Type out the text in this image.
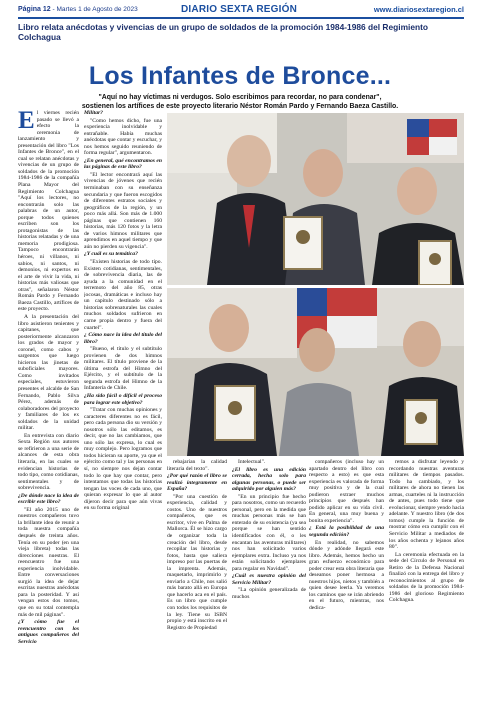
Página 12 - Martes 1 de Agosto de 2023	DIARIO SEXTA REGIÓN	www.diariosextaregion.cl
Libro relata anécdotas y vivencias de un grupo de soldados de la promoción 1984-1986 del Regimiento Colchagua
Los Infantes de Bronce...
"Aquí no hay víctimas ni verdugos. Solo escribimos para recordar, no para condenar",
sostienen los artífices de este proyecto literario Néstor Román Pardo y Fernando Baeza Castillo.
E l viernes recién pasado se llevó a efecto la ceremonia de lanzamiento y presentación del libro "Los Infantes de Bronce", en el cual se relatan anécdotas y vivencias de un grupo de soldados de la promoción 1984-1986 de la compañía Plana Mayor del Regimiento Colchagua "Aquí los lectores, no encontrarán solo las palabras de un autor, porque todos quienes escriben son los protagonistas de las historias relatadas y de una memoria prodigiosa. Tampoco encontrarán héroes, ni villanos, ni sabios, ni santos, ni demonios, ni expertos en el arte de vivir la vida, ni historias más valiosas que otras", señalaron Néstor Román Pardo y Fernando Baeza Castillo, artífices de este proyecto.

A la presentación del libro asistieron tenientes y capitanes, que posteriormente alcanzaron los grados de mayor y coronel, como cabos y sargentos que luego hicieron las jinetas de suboficiales mayores. Como invitados especiales, estuvieron presentes el alcalde de San Fernando, Pablo Silva Pérez, además de colaboradores del proyecto y familiares de los ex soldados de la unidad militar.

En entrevista con diario Sexta Región sus autores se refirieron a una serie de alcances de esta obra literaria, en las cuales se evidencian historias de todo tipo, como cotidianas, sentimentales y de sobrevivencia.

¿De dónde nace la idea de escribir este libro?

"El año 2015 uno de nuestros compañeros tuvo la brillante idea de reunir a toda nuestra compañía después de treinta años. Tenía en su poder (en una vieja libreta) todas las direcciones nuestras. El reencuentro fue una experiencia inolvidable. Entre conversaciones surgió la idea de dejar escritas nuestras anécdotas para la posteridad. Y así vengan estos dos tomos, que en su total contempla más de mil páginas".

¿Y cómo fue el reencuentro con los antiguos compañeros del Servicio

Militar?

"Como hemos dicho, fue una experiencia inolvidable y entrañable. Había muchas anécdotas que contar y escuchar, y nos hemos seguido reuniendo de forma regular", argumentaron.

¿En general, qué encontramos en las páginas de este libro?

"El lector encontrará aquí las vivencias de jóvenes que recién terminaban con su enseñanza secundaria y que fueron escogidos de diferentes estratos sociales y geográficos de la región, y un poco más allá. Son más de 1.000 páginas que contienen 160 historias, más 120 fotos y la letra de varios himnos militares que aprendimos en aquel tiempo y que aún no pierden su vigencia".

¿Y cuál es su temática?

"Existen historias de todo tipo. Existen cotidianas, sentimentales, de sobrevivencia diaria, las de ayuda a la comunidad en el terremoto del año 85, otras jocosas, dramáticas e incluso hay un capítulo destinado sólo a historias sobrenaturales las cuales muchos soldados sufrieron en carne propia dentro y fuera del cuartel".

¿ Cómo nace la idea del título del libro?

"Bueno, el título y el subtítulo provienen de dos himnos militares. El título proviene de la última estrofa del Himno del Ejército, y el subtítulo de la segunda estrofa del Himno de la Infantería de Chile.

¿Ha sido fácil o difícil el proceso para lograr este objetivo?

"Tratar con muchas opiniones y caracteres diferentes no es fácil, pero cada persona dio su versión y nosotros sólo las editamos, es decir, que no las cambiamos, que uno sólo las expresa, lo cual es muy complejo. Pero logramos que todos hicieran su aporte, ya que el ejército como tal y las personas en sí, no siempre nos dejan contar todo lo que hay que contar, pero intentamos que todas las historias tengan las voces de cada uno, que quieran expresar lo que al autor dijeron decir para que aún vivas en su forma original

rebajarían la calidad literaria del texto".

¿Por qué razón el libro se realizó íntegramente en España?

"Por una cuestión de experiencia, calidad y costos. Uno de nuestros compañeros, que es escritor, vive en Palma de Mallorca. Él se hizo cargo de organizar toda la creación del libro, desde recopilar las historias y fotos, hasta que saliera impreso por las puertas de la imprenta. Además, maquetarlo, imprimirlo y enviarlo a Chile, nos salió más barato allá en Europa que hacerlo aca en el país. Es un libro que cumple con todos los requisitos de la ley. Tiene su ISBN propio y está inscrito en el Registro de Propiedad

Intelectual".

¿El libro es una edición cerrada, hecha solo para algunas personas, o puede ser adquirido por alguien más?

"En un principio fue hecho para nosotros, como un recuerdo personal, pero en la medida que muchas personas más se han enterado de su existencia (ya sea porque se han sentido identificados con él, o les encantan las aventuras militares) nos han solicitado varios ejemplares extra. Incluso ya nos están solicitando ejemplares para regalar en Navidad".

¿Cuál es nuestra opinión del Servicio Militar?

"La opinión generalizada de muchos

compañeros (incluso hay un apartado dentro del libro con respecto a esto) es que esta experiencia es valorada de forma muy positiva y de la cual pudieron extraer muchos principios que después han podido aplicar en su vida civil. En general, una muy buena y bonita experiencia".

¿ Está la posibilidad de una segunda edición?

En realidad, no sabemos dónde y adónde llegará este libro. Además, hemos hecho un gran esfuerzo económico para poder crear esta obra literaria que deseamos poner hermosa a nuestros hijos, nietos y también a quien desee leerla. Ya veremos los caminos que se irán abriendo en el futuro, mientras, nos dedica-

remos a disfrutar leyendo y recordando nuestras aventuras militares de tiempos pasados. Todo ha cambiado, y los militares de ahora no tienen las armas, cuarteles ni la instrucción de antes, pues todo tiene que evolucionar, siempre yendo hacia adelante. Y nuestro libro (de dos tomos) cumple la función de mostrar cómo era cumplir con el Servicio Militar a mediados de los años ochenta y lejanos años 80".

La ceremonia efectuada en la sede del Círculo de Personal en Retiro de la Defensa Nacional finalizó con la entrega del libro y reconocimientos al grupo de soldados de la promoción 1984-1986 del glorioso Regimiento Colchagua.
